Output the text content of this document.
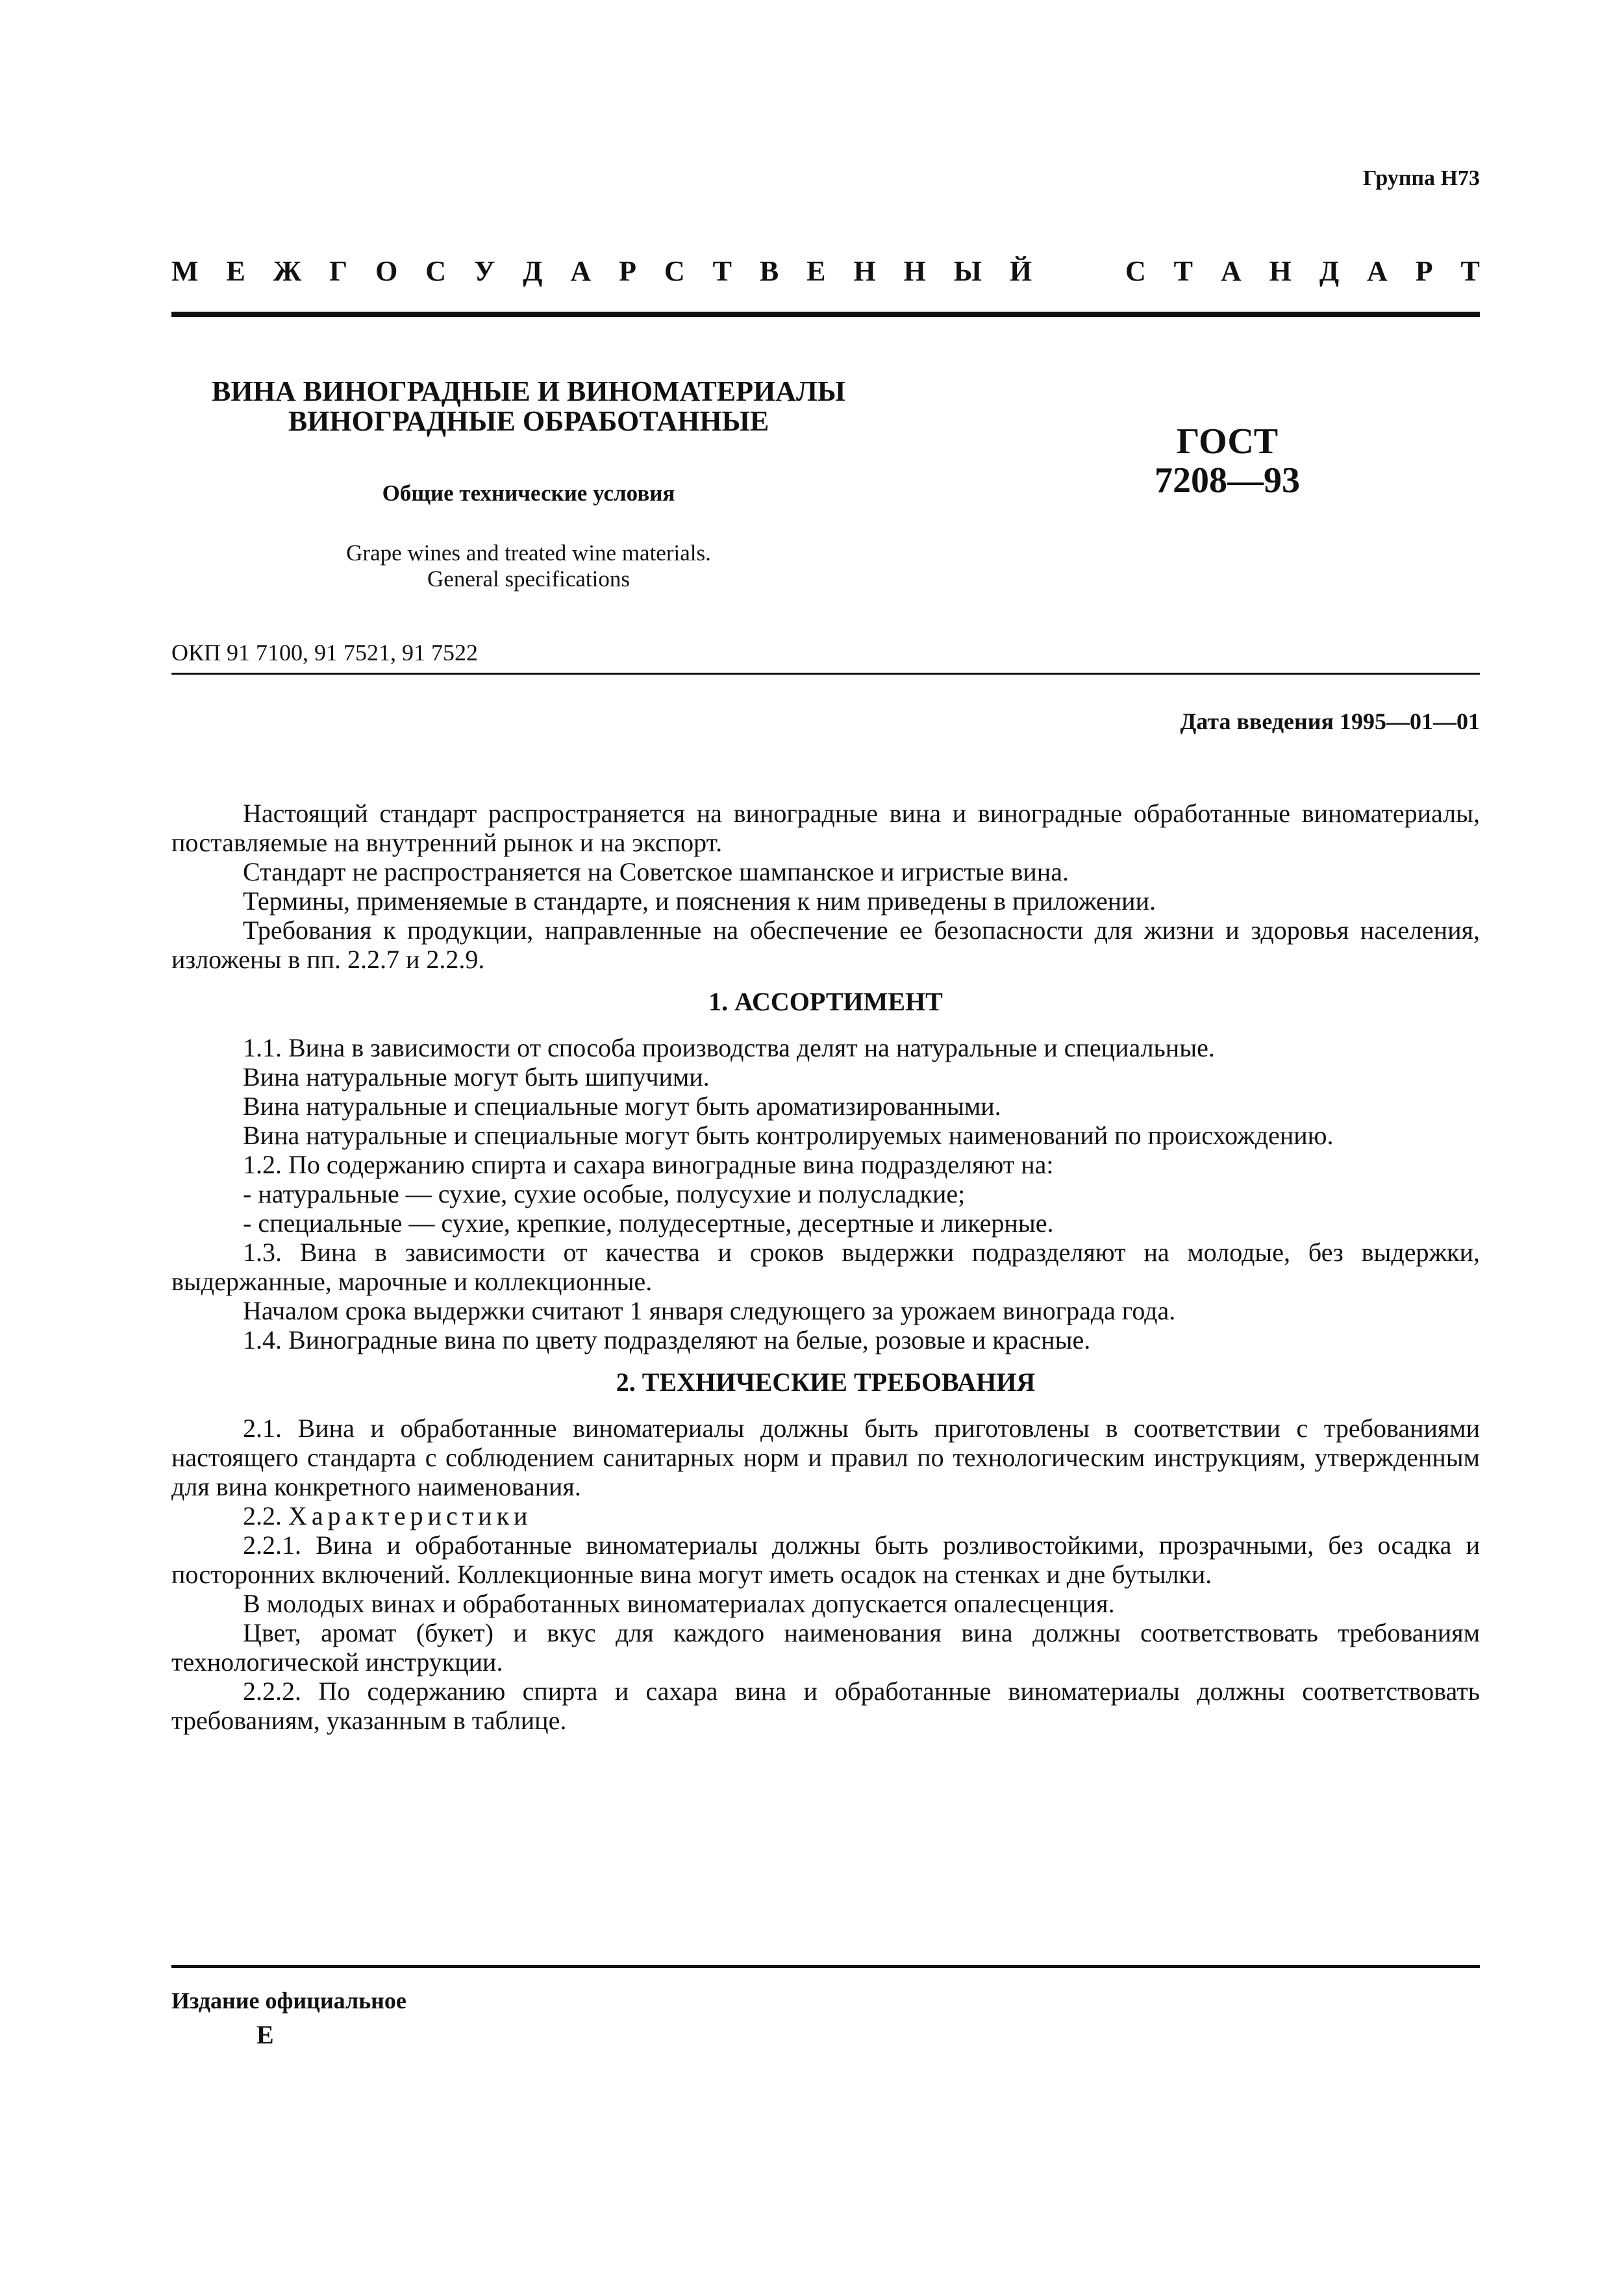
Группа Н73
М Е Ж Г О С У Д А Р С Т В Е Н Н Ы Й	С Т А Н Д А Р Т
ВИНА ВИНОГРАДНЫЕ И ВИНОМАТЕРИАЛЫ
ВИНОГРАДНЫЕ ОБРАБОТАННЫЕ
Общие технические условия
Grape wines and treated wine materials.
General specifications
ГОСТ
7208—93
ОКП 91 7100, 91 7521, 91 7522
Дата введения 1995—01—01

Настоящий стандарт распространяется на виноградные вина и виноградные обработанные виноматериалы, поставляемые на внутренний рынок и на экспорт.

Стандарт не распространяется на Советское шампанское и игристые вина.

Термины, применяемые в стандарте, и пояснения к ним приведены в приложении.

Требования к продукции, направленные на обеспечение ее безопасности для жизни и здоровья населения, изложены в пп. 2.2.7 и 2.2.9.

1. АССОРТИМЕНТ

1.1. Вина в зависимости от способа производства делят на натуральные и специальные.

Вина натуральные могут быть шипучими.

Вина натуральные и специальные могут быть ароматизированными.

Вина натуральные и специальные могут быть контролируемых наименований по происхождению.

1.2. По содержанию спирта и сахара виноградные вина подразделяют на:

- натуральные — сухие, сухие особые, полусухие и полусладкие;

- специальные — сухие, крепкие, полудесертные, десертные и ликерные.

1.3. Вина в зависимости от качества и сроков выдержки подразделяют на молодые, без выдержки, выдержанные, марочные и коллекционные.

Началом срока выдержки считают 1 января следующего за урожаем винограда года.

1.4. Виноградные вина по цвету подразделяют на белые, розовые и красные.

2. ТЕХНИЧЕСКИЕ ТРЕБОВАНИЯ

2.1. Вина и обработанные виноматериалы должны быть приготовлены в соответствии с требованиями настоящего стандарта с соблюдением санитарных норм и правил по технологическим инструкциям, утвержденным для вина конкретного наименования.

2.2. Характеристики

2.2.1. Вина и обработанные виноматериалы должны быть розливостойкими, прозрачными, без осадка и посторонних включений. Коллекционные вина могут иметь осадок на стенках и дне бутылки.

В молодых винах и обработанных виноматериалах допускается опалесценция.

Цвет, аромат (букет) и вкус для каждого наименования вина должны соответствовать требованиям технологической инструкции.

2.2.2. По содержанию спирта и сахара вина и обработанные виноматериалы должны соответствовать требованиям, указанным в таблице.

Издание официальное
Е
